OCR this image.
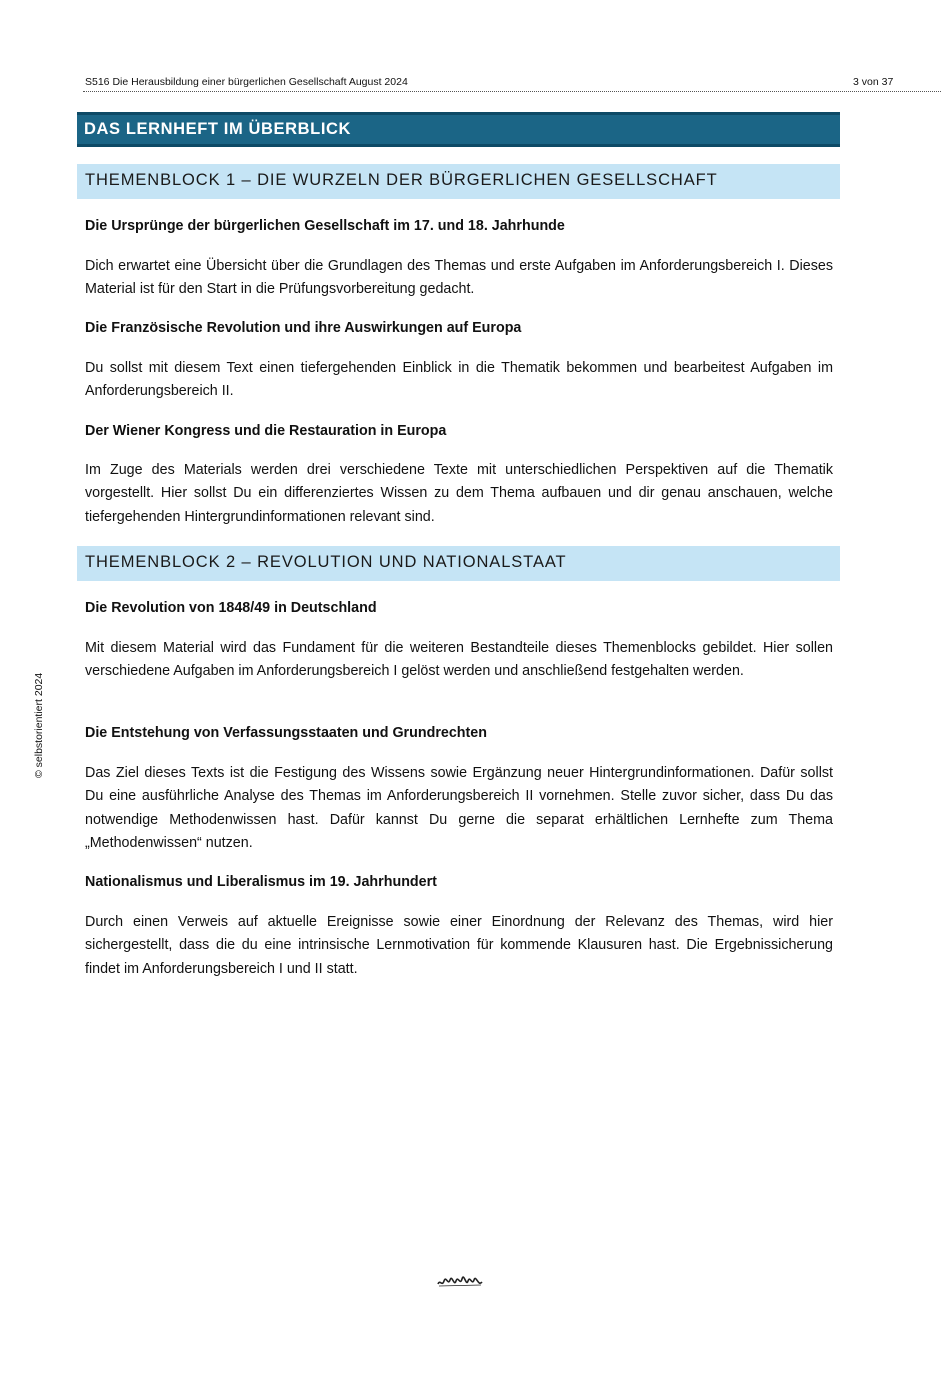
S516 Die Herausbildung einer bürgerlichen Gesellschaft August 2024	3 von 37
DAS LERNHEFT IM ÜBERBLICK
THEMENBLOCK 1 – DIE WURZELN DER BÜRGERLICHEN GESELLSCHAFT
Die Ursprünge der bürgerlichen Gesellschaft im 17. und 18. Jahrhunde

Dich erwartet eine Übersicht über die Grundlagen des Themas und erste Aufgaben im Anforderungsbereich I. Dieses Material ist für den Start in die Prüfungsvorbereitung gedacht.

Die Französische Revolution und ihre Auswirkungen auf Europa

Du sollst mit diesem Text einen tiefergehenden Einblick in die Thematik bekommen und bearbeitest Aufgaben im Anforderungsbereich II.

Der Wiener Kongress und die Restauration in Europa

Im Zuge des Materials werden drei verschiedene Texte mit unterschiedlichen Perspektiven auf die Thematik vorgestellt. Hier sollst Du ein differenziertes Wissen zu dem Thema aufbauen und dir genau anschauen, welche tiefergehenden Hintergrundinformationen relevant sind.

THEMENBLOCK 2 – REVOLUTION UND NATIONALSTAAT
Die Revolution von 1848/49 in Deutschland

Mit diesem Material wird das Fundament für die weiteren Bestandteile dieses Themenblocks gebildet. Hier sollen verschiedene Aufgaben im Anforderungsbereich I gelöst werden und anschließend festgehalten werden.

Die Entstehung von Verfassungsstaaten und Grundrechten

Das Ziel dieses Texts ist die Festigung des Wissens sowie Ergänzung neuer Hintergrundinformationen. Dafür sollst Du eine ausführliche Analyse des Themas im Anforderungsbereich II vornehmen. Stelle zuvor sicher, dass Du das notwendige Methodenwissen hast. Dafür kannst Du gerne die separat erhältlichen Lernhefte zum Thema „Methodenwissen“ nutzen.

Nationalismus und Liberalismus im 19. Jahrhundert

Durch einen Verweis auf aktuelle Ereignisse sowie einer Einordnung der Relevanz des Themas, wird hier sichergestellt, dass die du eine intrinsische Lernmotivation für kommende Klausuren hast. Die Ergebnissicherung findet im Anforderungsbereich I und II statt.

© selbstorientiert 2024
